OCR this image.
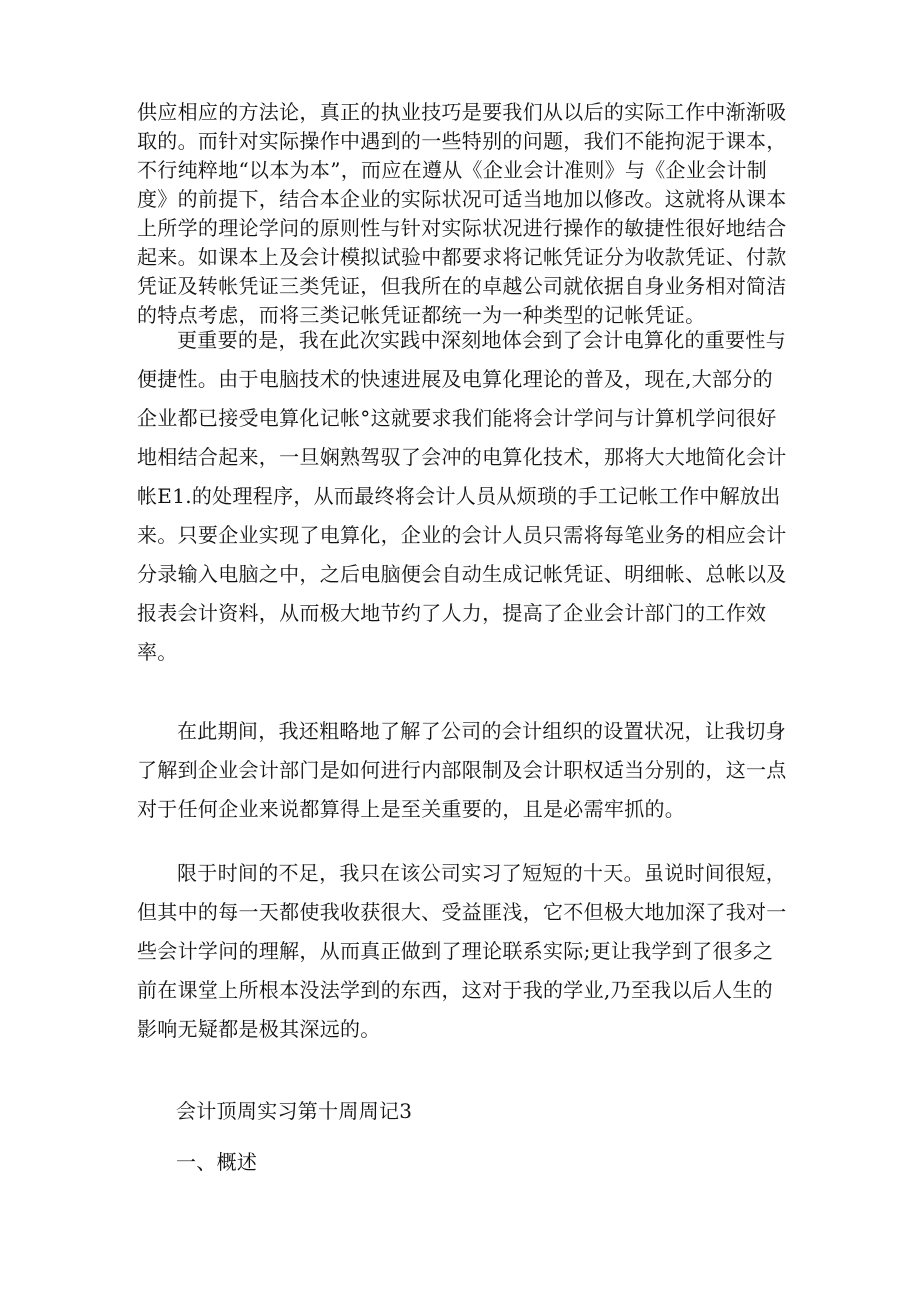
供应相应的方法论，真正的执业技巧是要我们从以后的实际工作中渐渐吸取的。而针对实际操作中遇到的一些特别的问题，我们不能拘泥于课本，不行纯粹地“以本为本”，而应在遵从《企业会计准则》与《企业会计制度》的前提下，结合本企业的实际状况可适当地加以修改。这就将从课本上所学的理论学问的原则性与针对实际状况进行操作的敏捷性很好地结合起来。如课本上及会计模拟试验中都要求将记帐凭证分为收款凭证、付款凭证及转帐凭证三类凭证，但我所在的卓越公司就依据自身业务相对简洁的特点考虑，而将三类记帐凭证都统一为一种类型的记帐凭证。

更重要的是，我在此次实践中深刻地体会到了会计电算化的重要性与便捷性。由于电脑技术的快速进展及电算化理论的普及，现在,大部分的企业都已接受电算化记帐°这就要求我们能将会计学问与计算机学问很好地相结合起来，一旦娴熟驾驭了会冲的电算化技术，那将大大地简化会计帐E1.的处理程序，从而最终将会计人员从烦琐的手工记帐工作中解放出来。只要企业实现了电算化，企业的会计人员只需将每笔业务的相应会计分录输入电脑之中，之后电脑便会自动生成记帐凭证、明细帐、总帐以及报表会计资料，从而极大地节约了人力，提高了企业会计部门的工作效率。

在此期间，我还粗略地了解了公司的会计组织的设置状况，让我切身了解到企业会计部门是如何进行内部限制及会计职权适当分别的，这一点对于任何企业来说都算得上是至关重要的，且是必需牢抓的。

限于时间的不足，我只在该公司实习了短短的十天。虽说时间很短，但其中的每一天都使我收获很大、受益匪浅，它不但极大地加深了我对一些会计学问的理解，从而真正做到了理论联系实际;更让我学到了很多之前在课堂上所根本没法学到的东西，这对于我的学业,乃至我以后人生的影响无疑都是极其深远的。

会计顶周实习第十周周记3
一、概述
